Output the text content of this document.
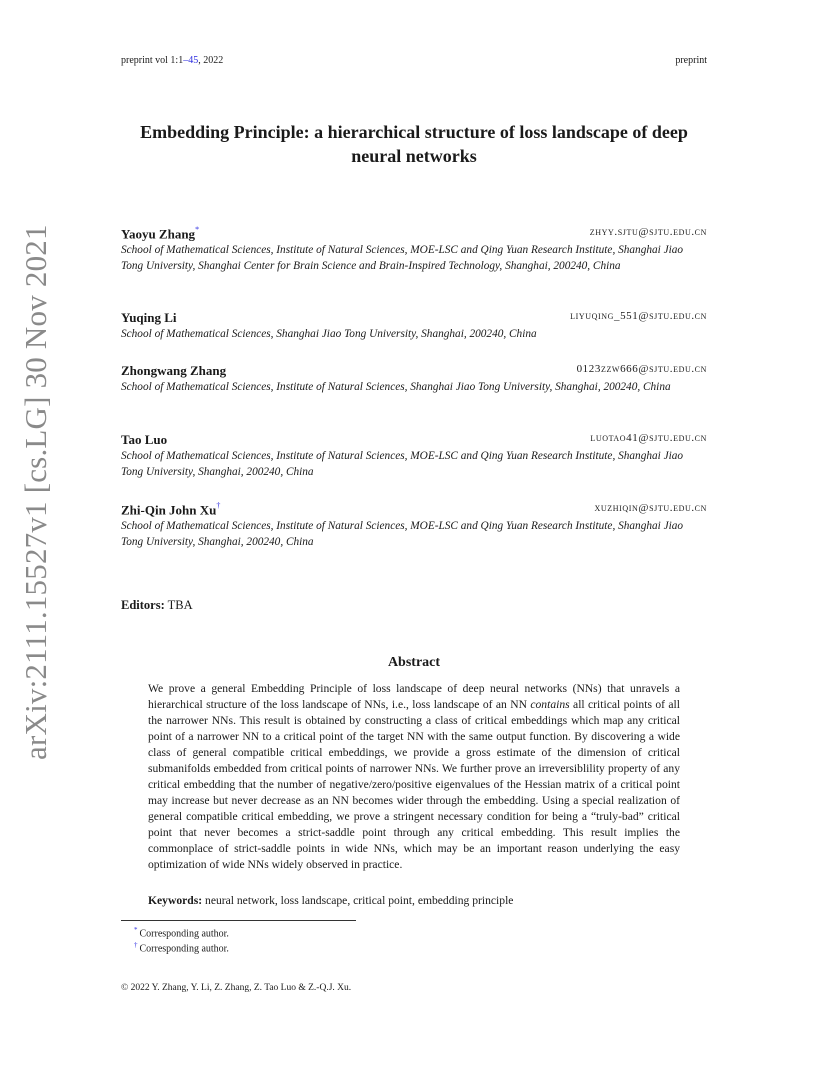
preprint vol 1:1–45, 2022	preprint
arXiv:2111.15527v1 [cs.LG] 30 Nov 2021
Embedding Principle: a hierarchical structure of loss landscape of deep neural networks
Yaoyu Zhang*	zhyy.sjtu@sjtu.edu.cn
School of Mathematical Sciences, Institute of Natural Sciences, MOE-LSC and Qing Yuan Research Institute, Shanghai Jiao Tong University, Shanghai Center for Brain Science and Brain-Inspired Technology, Shanghai, 200240, China
Yuqing Li	liyuqing_551@sjtu.edu.cn
School of Mathematical Sciences, Shanghai Jiao Tong University, Shanghai, 200240, China
Zhongwang Zhang	0123zzw666@sjtu.edu.cn
School of Mathematical Sciences, Institute of Natural Sciences, Shanghai Jiao Tong University, Shanghai, 200240, China
Tao Luo	luotao41@sjtu.edu.cn
School of Mathematical Sciences, Institute of Natural Sciences, MOE-LSC and Qing Yuan Research Institute, Shanghai Jiao Tong University, Shanghai, 200240, China
Zhi-Qin John Xu†	xuzhiqin@sjtu.edu.cn
School of Mathematical Sciences, Institute of Natural Sciences, MOE-LSC and Qing Yuan Research Institute, Shanghai Jiao Tong University, Shanghai, 200240, China
Editors: TBA
Abstract
We prove a general Embedding Principle of loss landscape of deep neural networks (NNs) that unravels a hierarchical structure of the loss landscape of NNs, i.e., loss landscape of an NN contains all critical points of all the narrower NNs. This result is obtained by constructing a class of critical embeddings which map any critical point of a narrower NN to a critical point of the target NN with the same output function. By discovering a wide class of general compatible critical embeddings, we provide a gross estimate of the dimension of critical submanifolds embedded from critical points of narrower NNs. We further prove an irreversiblility property of any critical embedding that the number of negative/zero/positive eigenvalues of the Hessian matrix of a critical point may increase but never decrease as an NN becomes wider through the embedding. Using a special realization of general compatible critical embedding, we prove a stringent necessary condition for being a “truly-bad” critical point that never becomes a strict-saddle point through any critical embedding. This result implies the commonplace of strict-saddle points in wide NNs, which may be an important reason underlying the easy optimization of wide NNs widely observed in practice.
Keywords: neural network, loss landscape, critical point, embedding principle
* Corresponding author.
† Corresponding author.
© 2022 Y. Zhang, Y. Li, Z. Zhang, Z. Tao Luo & Z.-Q.J. Xu.
